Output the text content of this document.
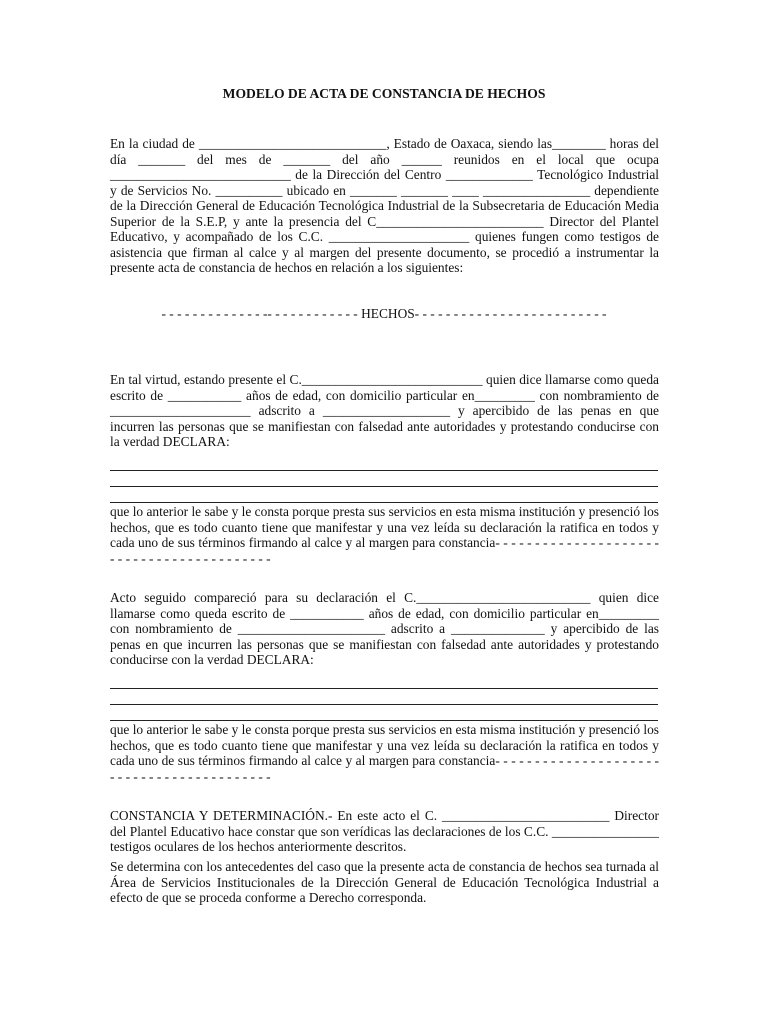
MODELO DE ACTA DE CONSTANCIA DE HECHOS

En la ciudad de ____________________________, Estado de Oaxaca, siendo las________ horas del día _______ del mes de _______ del año ______ reunidos en el local que ocupa ___________________________ de la Dirección del Centro _____________ Tecnológico Industrial y de Servicios No. __________ ubicado en _______ _______ ____ ________________ dependiente de la Dirección General de Educación Tecnológica Industrial de la Subsecretaria de Educación Media Superior de la S.E.P, y ante la presencia del C_________________________ Director del Plantel Educativo, y acompañado de los C.C. _____________________ quienes fungen como testigos de asistencia que firman al calce y al margen del presente documento, se procedió a instrumentar la presente acta de constancia de hechos en relación a los siguientes:

- - - - - - - - - - - - - -- - - - - - - - - - - - HECHOS- - - - - - - - - - - - - - - - - - - - - - - - -

En tal virtud, estando presente el C.___________________________ quien dice llamarse como queda escrito de ___________ años de edad, con domicilio particular en_________ con nombramiento de _____________________ adscrito a ___________________ y apercibido de las penas en que incurren las personas que se manifiestan con falsedad ante autoridades y protestando conducirse con la verdad DECLARA:

que lo anterior le sabe y le consta porque presta sus servicios en esta misma institución y presenció los hechos, que es todo cuanto tiene que manifestar y una vez leída su declaración la ratifica en todos y cada uno de sus términos firmando al calce y al margen para constancia- - - - - - - - - - - - - - - - - - - - - - - - - - - - - - - - - - - - - - - - - -

Acto seguido compareció para su declaración el C.__________________________ quien dice llamarse como queda escrito de ___________ años de edad, con domicilio particular en_________ con nombramiento de ______________________ adscrito a ______________ y apercibido de las penas en que incurren las personas que se manifiestan con falsedad ante autoridades y protestando conducirse con la verdad DECLARA:

que lo anterior le sabe y le consta porque presta sus servicios en esta misma institución y presenció los hechos, que es todo cuanto tiene que manifestar y una vez leída su declaración la ratifica en todos y cada uno de sus términos firmando al calce y al margen para constancia- - - - - - - - - - - - - - - - - - - - - - - - - - - - - - - - - - - - - - - - - -

CONSTANCIA Y DETERMINACIÓN.- En este acto el C. _________________________ Director del Plantel Educativo hace constar que son verídicas las declaraciones de los C.C. ________________ testigos oculares de los hechos anteriormente descritos.

Se determina con los antecedentes del caso que la presente acta de constancia de hechos sea turnada al Área de Servicios Institucionales de la Dirección General de Educación Tecnológica Industrial a efecto de que se proceda conforme a Derecho corresponda.
